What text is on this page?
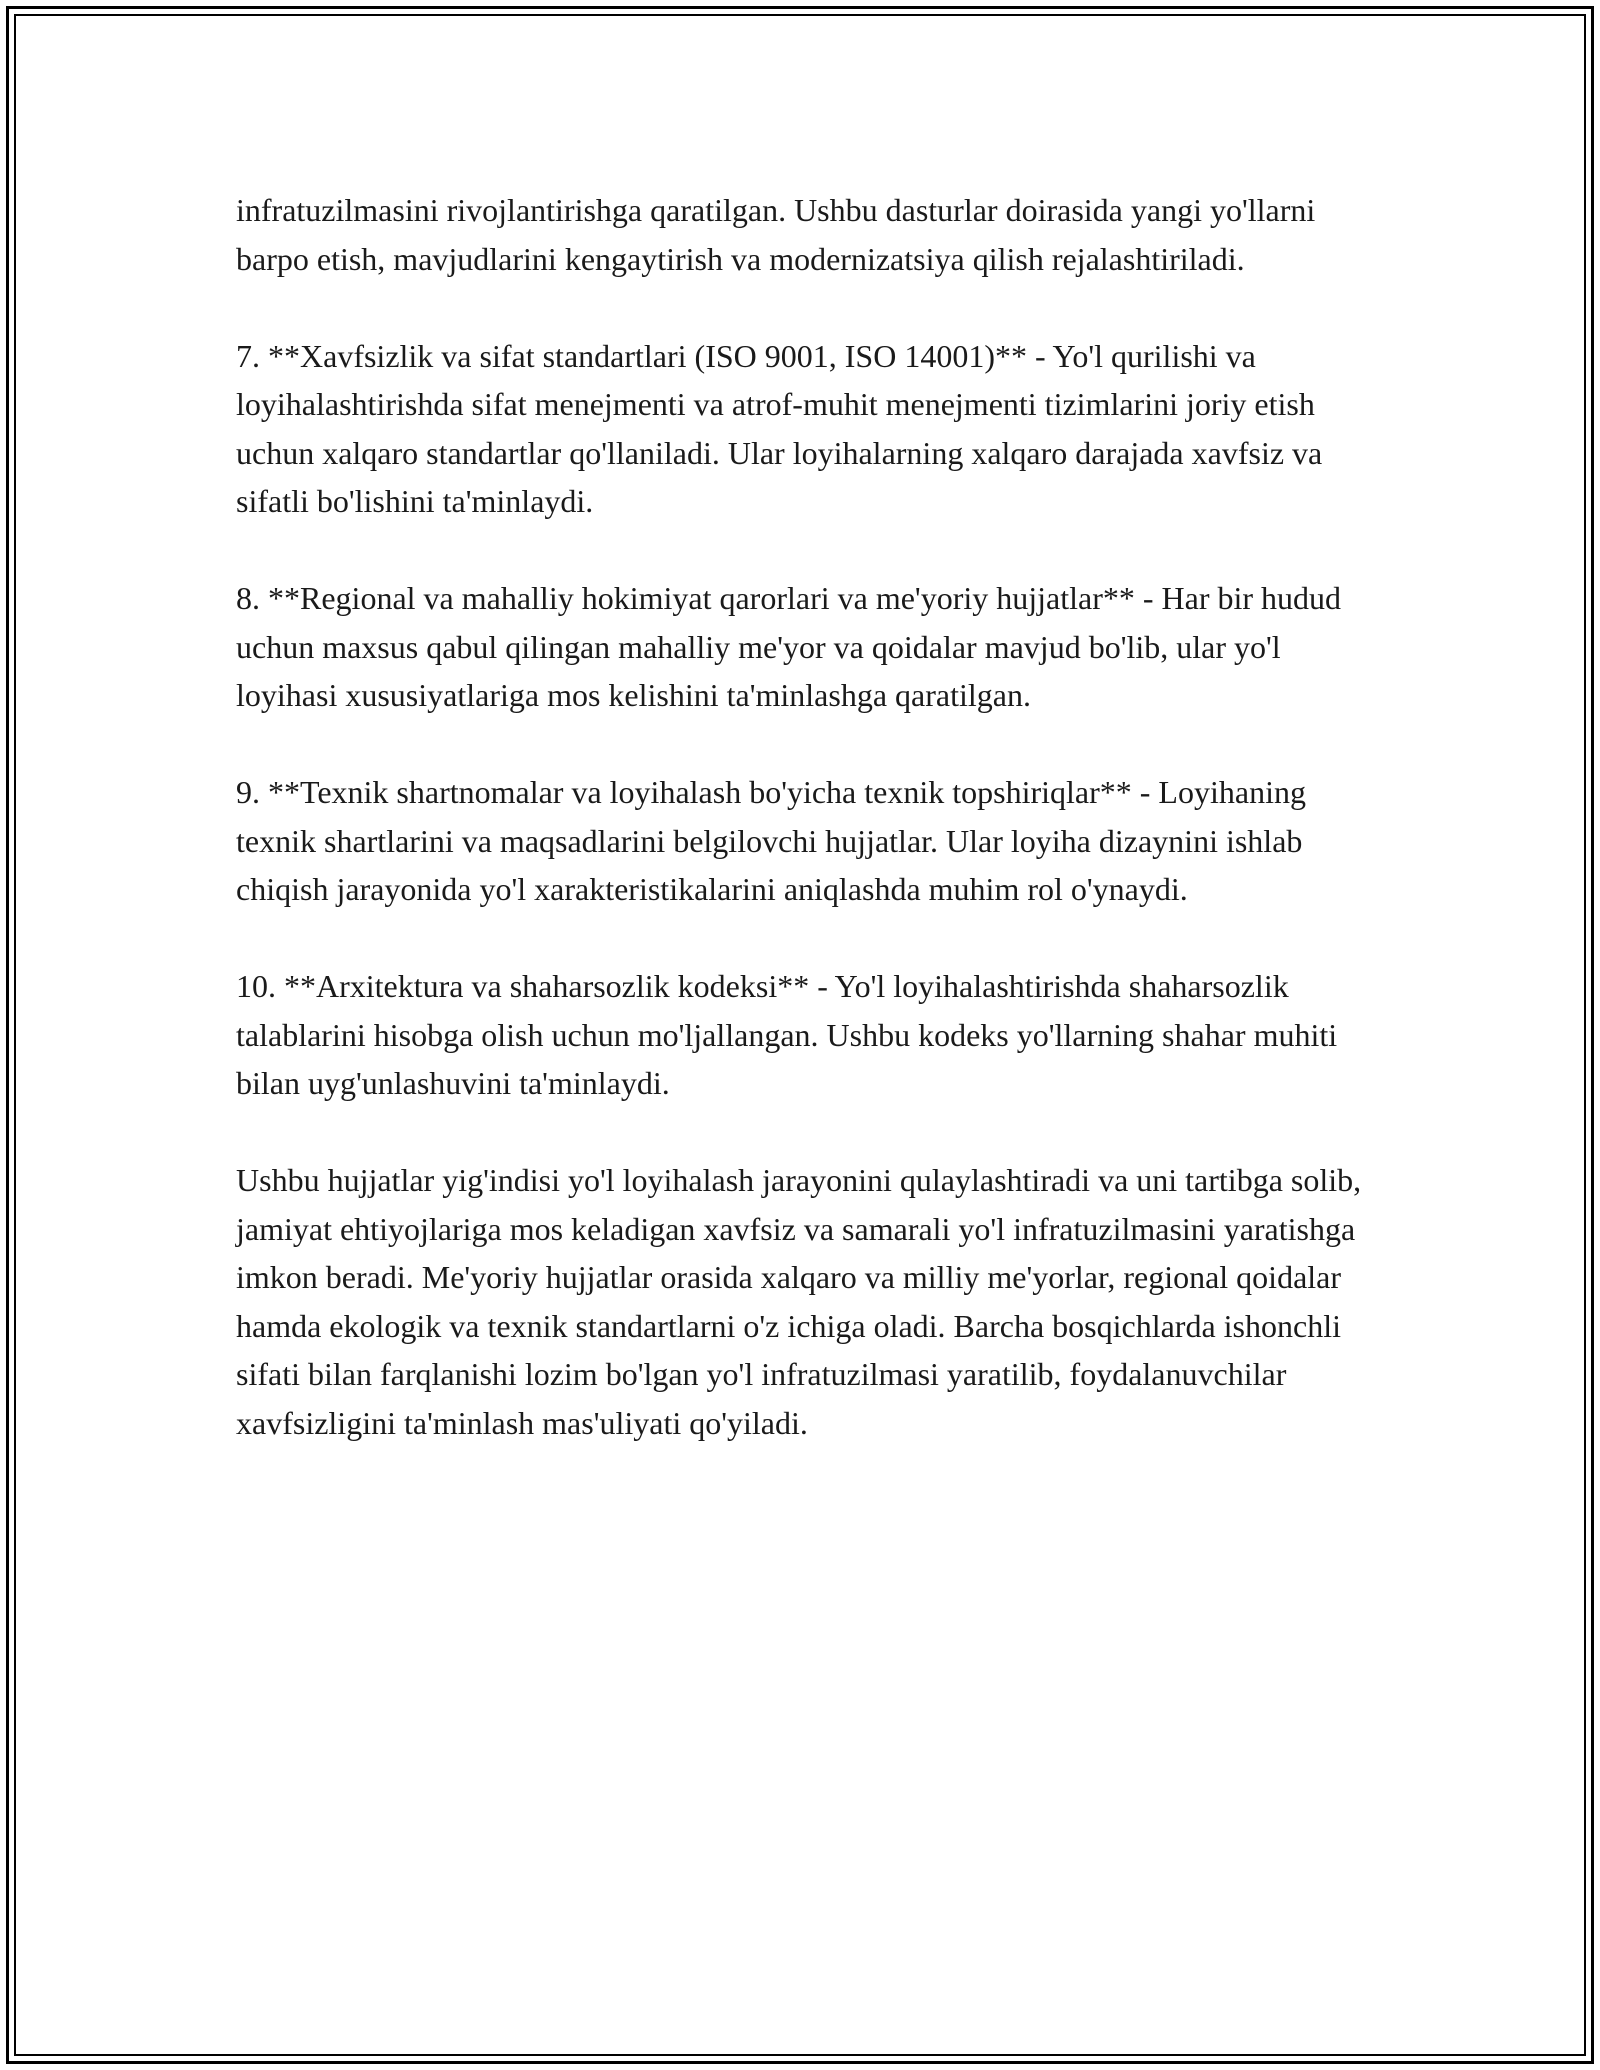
infratuzilmasini rivojlantirishga qaratilgan. Ushbu dasturlar doirasida yangi yo'llarni barpo etish, mavjudlarini kengaytirish va modernizatsiya qilish rejalashtiriladi.

7. **Xavfsizlik va sifat standartlari (ISO 9001, ISO 14001)** - Yo'l qurilishi va loyihalashtirishda sifat menejmenti va atrof-muhit menejmenti tizimlarini joriy etish uchun xalqaro standartlar qo'llaniladi. Ular loyihalarning xalqaro darajada xavfsiz va sifatli bo'lishini ta'minlaydi.

8. **Regional va mahalliy hokimiyat qarorlari va me'yoriy hujjatlar** - Har bir hudud uchun maxsus qabul qilingan mahalliy me'yor va qoidalar mavjud bo'lib, ular yo'l loyihasi xususiyatlariga mos kelishini ta'minlashga qaratilgan.

9. **Texnik shartnomalar va loyihalash bo'yicha texnik topshiriqlar** - Loyihaning texnik shartlarini va maqsadlarini belgilovchi hujjatlar. Ular loyiha dizaynini ishlab chiqish jarayonida yo'l xarakteristikalarini aniqlashda muhim rol o'ynaydi.

10. **Arxitektura va shaharsozlik kodeksi** - Yo'l loyihalashtirishda shaharsozlik talablarini hisobga olish uchun mo'ljallangan. Ushbu kodeks yo'llarning shahar muhiti bilan uyg'unlashuvini ta'minlaydi.

Ushbu hujjatlar yig'indisi yo'l loyihalash jarayonini qulaylashtiradi va uni tartibga solib, jamiyat ehtiyojlariga mos keladigan xavfsiz va samarali yo'l infratuzilmasini yaratishga imkon beradi. Me'yoriy hujjatlar orasida xalqaro va milliy me'yorlar, regional qoidalar hamda ekologik va texnik standartlarni o'z ichiga oladi. Barcha bosqichlarda ishonchli sifati bilan farqlanishi lozim bo'lgan yo'l infratuzilmasi yaratilib, foydalanuvchilar xavfsizligini ta'minlash mas'uliyati qo'yiladi.
